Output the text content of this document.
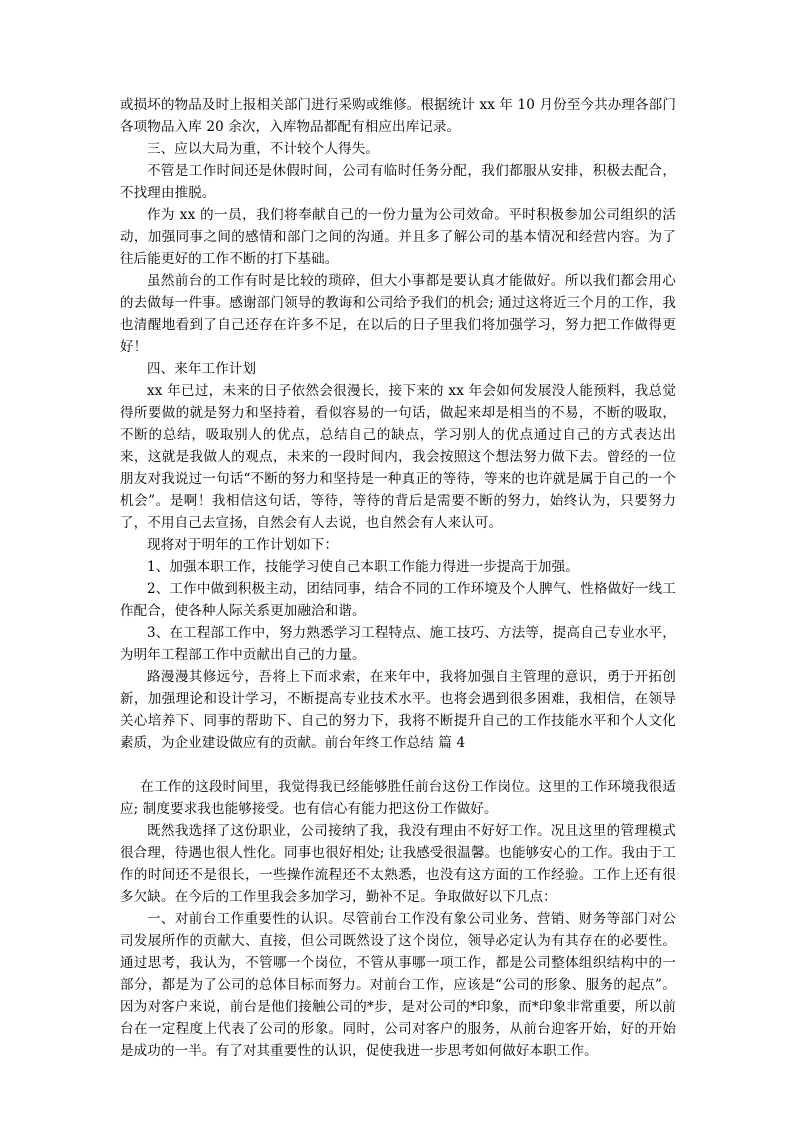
或损坏的物品及时上报相关部门进行采购或维修。根据统计 xx 年 10 月份至今共办理各部门各项物品入库 20 余次，入库物品都配有相应出库记录。

三、应以大局为重，不计较个人得失。

不管是工作时间还是休假时间，公司有临时任务分配，我们都服从安排，积极去配合，不找理由推脱。

作为 xx 的一员，我们将奉献自己的一份力量为公司效命。平时积极参加公司组织的活动，加强同事之间的感情和部门之间的沟通。并且多了解公司的基本情况和经营内容。为了往后能更好的工作不断的打下基础。

虽然前台的工作有时是比较的琐碎，但大小事都是要认真才能做好。所以我们都会用心的去做每一件事。感谢部门领导的教诲和公司给予我们的机会; 通过这将近三个月的工作，我也清醒地看到了自己还存在许多不足，在以后的日子里我们将加强学习，努力把工作做得更好！

四、来年工作计划

xx 年已过，未来的日子依然会很漫长，接下来的 xx 年会如何发展没人能预料，我总觉得所要做的就是努力和坚持着，看似容易的一句话，做起来却是相当的不易，不断的吸取，不断的总结，吸取别人的优点，总结自己的缺点，学习别人的优点通过自己的方式表达出来，这就是我做人的观点，未来的一段时间内，我会按照这个想法努力做下去。曾经的一位朋友对我说过一句话“不断的努力和坚持是一种真正的等待，等来的也许就是属于自己的一个机会”。是啊！我相信这句话，等待，等待的背后是需要不断的努力，始终认为，只要努力了，不用自己去宣扬，自然会有人去说，也自然会有人来认可。

现将对于明年的工作计划如下：

1、加强本职工作，技能学习使自己本职工作能力得进一步提高于加强。

2、工作中做到积极主动，团结同事，结合不同的工作环境及个人脾气、性格做好一线工作配合，使各种人际关系更加融洽和谐。

3、在工程部工作中，努力熟悉学习工程特点、施工技巧、方法等，提高自己专业水平，为明年工程部工作中贡献出自己的力量。

路漫漫其修远兮，吾将上下而求索，在来年中，我将加强自主管理的意识，勇于开拓创新，加强理论和设计学习，不断提高专业技术水平。也将会遇到很多困难，我相信，在领导关心培养下、同事的帮助下、自己的努力下，我将不断提升自己的工作技能水平和个人文化素质，为企业建设做应有的贡献。前台年终工作总结 篇 4

在工作的这段时间里，我觉得我已经能够胜任前台这份工作岗位。这里的工作环境我很适应; 制度要求我也能够接受。也有信心有能力把这份工作做好。

既然我选择了这份职业，公司接纳了我，我没有理由不好好工作。况且这里的管理模式很合理，待遇也很人性化。同事也很好相处; 让我感受很温馨。也能够安心的工作。我由于工作的时间还不是很长，一些操作流程还不太熟悉，也没有这方面的工作经验。工作上还有很多欠缺。在今后的工作里我会多加学习，勤补不足。争取做好以下几点：

一、对前台工作重要性的认识。尽管前台工作没有象公司业务、营销、财务等部门对公司发展所作的贡献大、直接，但公司既然设了这个岗位，领导必定认为有其存在的必要性。通过思考，我认为，不管哪一个岗位，不管从事哪一项工作，都是公司整体组织结构中的一部分，都是为了公司的总体目标而努力。对前台工作，应该是“公司的形象、服务的起点”。因为对客户来说，前台是他们接触公司的*步，是对公司的*印象，而*印象非常重要，所以前台在一定程度上代表了公司的形象。同时，公司对客户的服务，从前台迎客开始，好的开始是成功的一半。有了对其重要性的认识，促使我进一步思考如何做好本职工作。
